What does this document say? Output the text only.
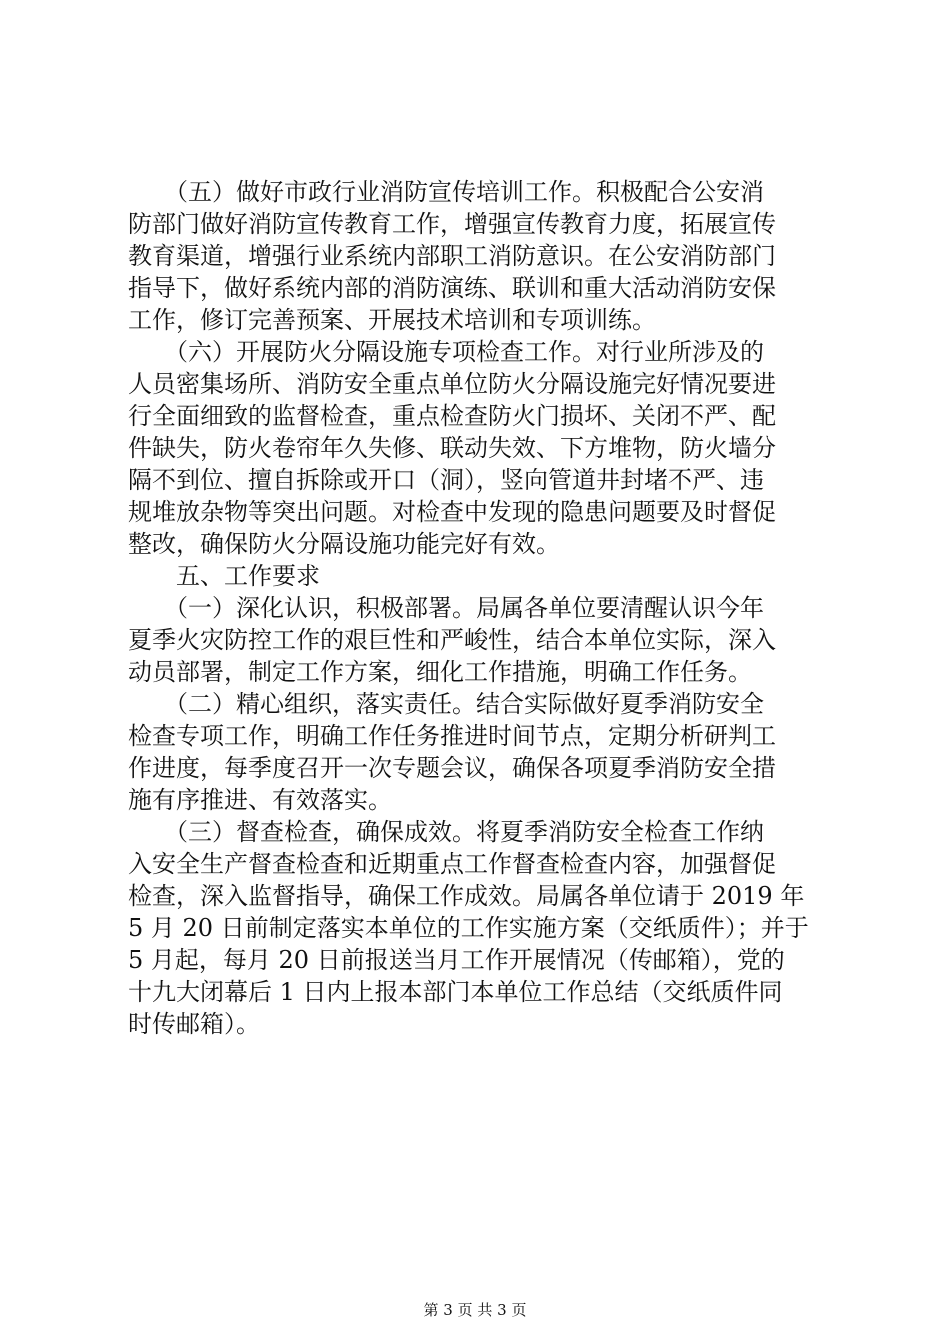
　　（五）做好市政行业消防宣传培训工作。积极配合公安消
防部门做好消防宣传教育工作，增强宣传教育力度，拓展宣传
教育渠道，增强行业系统内部职工消防意识。在公安消防部门
指导下，做好系统内部的消防演练、联训和重大活动消防安保
工作，修订完善预案、开展技术培训和专项训练。
　　（六）开展防火分隔设施专项检查工作。对行业所涉及的
人员密集场所、消防安全重点单位防火分隔设施完好情况要进
行全面细致的监督检查，重点检查防火门损坏、关闭不严、配
件缺失，防火卷帘年久失修、联动失效、下方堆物，防火墙分
隔不到位、擅自拆除或开口（洞），竖向管道井封堵不严、违
规堆放杂物等突出问题。对检查中发现的隐患问题要及时督促
整改，确保防火分隔设施功能完好有效。
　　五、工作要求
　　（一）深化认识，积极部署。局属各单位要清醒认识今年
夏季火灾防控工作的艰巨性和严峻性，结合本单位实际，深入
动员部署，制定工作方案，细化工作措施，明确工作任务。
　　（二）精心组织，落实责任。结合实际做好夏季消防安全
检查专项工作，明确工作任务推进时间节点，定期分析研判工
作进度，每季度召开一次专题会议，确保各项夏季消防安全措
施有序推进、有效落实。
　　（三）督查检查，确保成效。将夏季消防安全检查工作纳
入安全生产督查检查和近期重点工作督查检查内容，加强督促
检查，深入监督指导，确保工作成效。局属各单位请于 2019 年
5 月 20 日前制定落实本单位的工作实施方案（交纸质件）；并于
5 月起，每月 20 日前报送当月工作开展情况（传邮箱），党的
十九大闭幕后 1 日内上报本部门本单位工作总结（交纸质件同
时传邮箱）。
第 3 页 共 3 页
